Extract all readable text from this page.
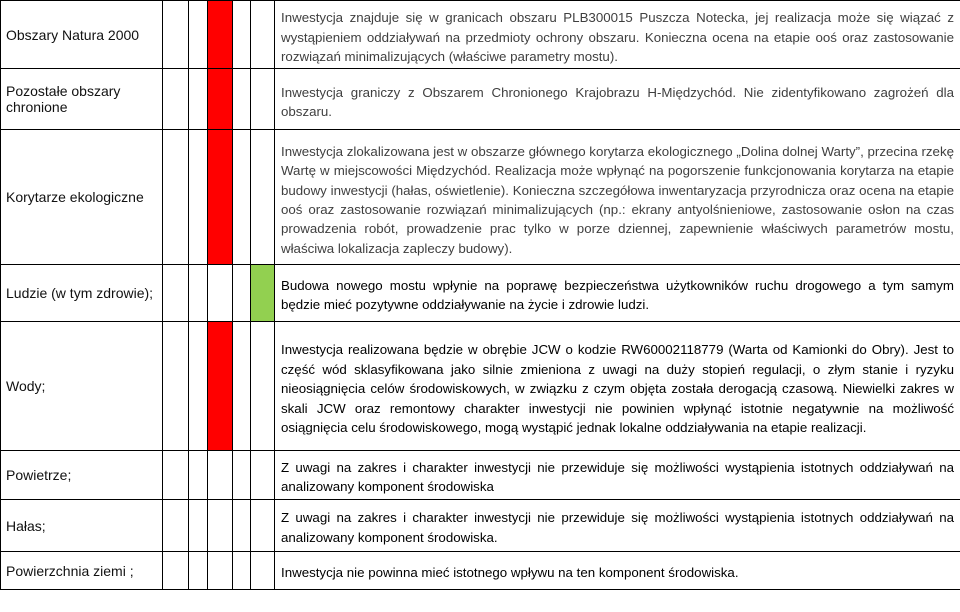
Obszary Natura 2000						Inwestycja znajduje się w granicach obszaru PLB300015 Puszcza Notecka, jej realizacja może się wiązać z wystąpieniem oddziaływań na przedmioty ochrony obszaru. Konieczna ocena na etapie ooś oraz zastosowanie rozwiązań minimalizujących (właściwe parametry mostu).

Pozostałe obszary chronione						Inwestycja graniczy z Obszarem Chronionego Krajobrazu H-Międzychód. Nie zidentyfikowano zagrożeń dla obszaru.

Korytarze ekologiczne						Inwestycja zlokalizowana jest w obszarze głównego korytarza ekologicznego „Dolina dolnej Warty”, przecina rzekę Wartę w miejscowości Międzychód. Realizacja może wpłynąć na pogorszenie funkcjonowania korytarza na etapie budowy inwestycji (hałas, oświetlenie). Konieczna szczegółowa inwentaryzacja przyrodnicza oraz ocena na etapie ooś oraz zastosowanie rozwiązań minimalizujących (np.: ekrany antyolśnieniowe, zastosowanie osłon na czas prowadzenia robót, prowadzenie prac tylko w porze dziennej, zapewnienie właściwych parametrów mostu, właściwa lokalizacja zapleczy budowy).

Ludzie (w tym zdrowie);						Budowa nowego mostu wpłynie na poprawę bezpieczeństwa użytkowników ruchu drogowego a tym samym będzie mieć pozytywne oddziaływanie na życie i zdrowie ludzi.

Wody;						Inwestycja realizowana będzie w obrębie JCW o kodzie RW60002118779 (Warta od Kamionki do Obry). Jest to część wód sklasyfikowana jako silnie zmieniona z uwagi na duży stopień regulacji, o złym stanie i ryzyku nieosiągnięcia celów środowiskowych, w związku z czym objęta została derogacją czasową. Niewielki zakres w skali JCW oraz remontowy charakter inwestycji nie powinien wpłynąć istotnie negatywnie na możliwość osiągnięcia celu środowiskowego, mogą wystąpić jednak lokalne oddziaływania na etapie realizacji.

Powietrze;						Z uwagi na zakres i charakter inwestycji nie przewiduje się możliwości wystąpienia istotnych oddziaływań na analizowany komponent środowiska

Hałas;						Z uwagi na zakres i charakter inwestycji nie przewiduje się możliwości wystąpienia istotnych oddziaływań na analizowany komponent środowiska.

Powierzchnia ziemi ;						Inwestycja nie powinna mieć istotnego wpływu na ten komponent środowiska.
